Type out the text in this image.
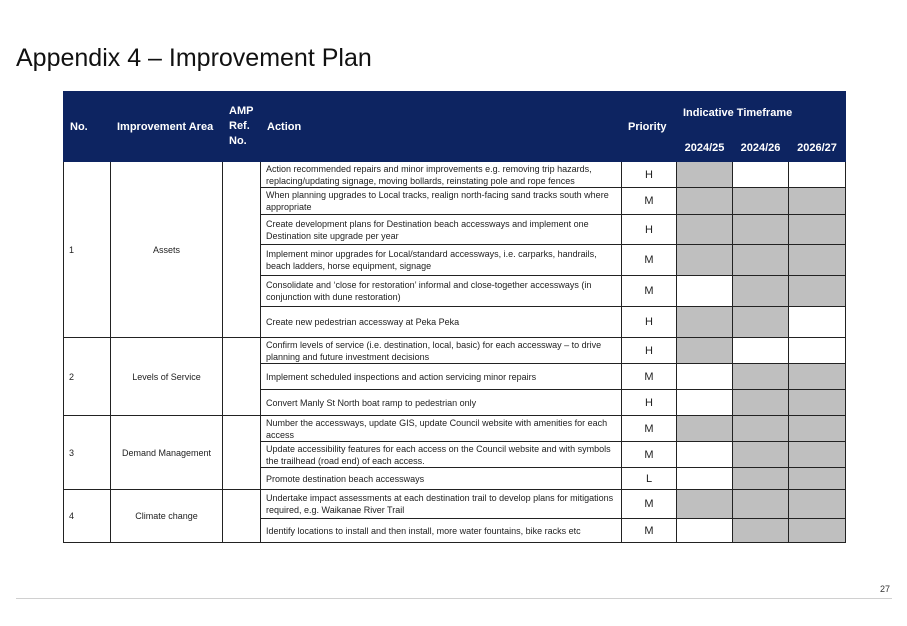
Appendix 4 – Improvement Plan
No.	Improvement Area	AMP Ref. No.	Action	Priority	Indicative Timeframe		
					2024/25	2024/26	2026/27
1	Assets		Action recommended repairs and minor improvements e.g. removing trip hazards, replacing/updating signage, moving bollards, reinstating pole and rope fences	H			
			When planning upgrades to Local tracks, realign north-facing sand tracks south where appropriate	M			
			Create development plans for Destination beach accessways and implement one Destination site upgrade per year	H			
			Implement minor upgrades for Local/standard accessways, i.e. carparks, handrails, beach ladders, horse equipment, signage	M			
			Consolidate and ‘close for restoration’ informal and close-together accessways (in conjunction with dune restoration)	M			
			Create new pedestrian accessway at Peka Peka	H			
2	Levels of Service		Confirm levels of service (i.e. destination, local, basic) for each accessway – to drive planning and future investment decisions	H			
			Implement scheduled inspections and action servicing minor repairs	M			
			Convert Manly St North boat ramp to pedestrian only	H			
3	Demand Management		Number the accessways, update GIS, update Council website with amenities for each access	M			
			Update accessibility features for each access on the Council website and with symbols the trailhead (road end) of each access.	M			
			Promote destination beach accessways	L			
4	Climate change		Undertake impact assessments at each destination trail to develop plans for mitigations required, e.g. Waikanae River Trail	M			
			Identify locations to install and then install, more water fountains, bike racks etc	M			
27
